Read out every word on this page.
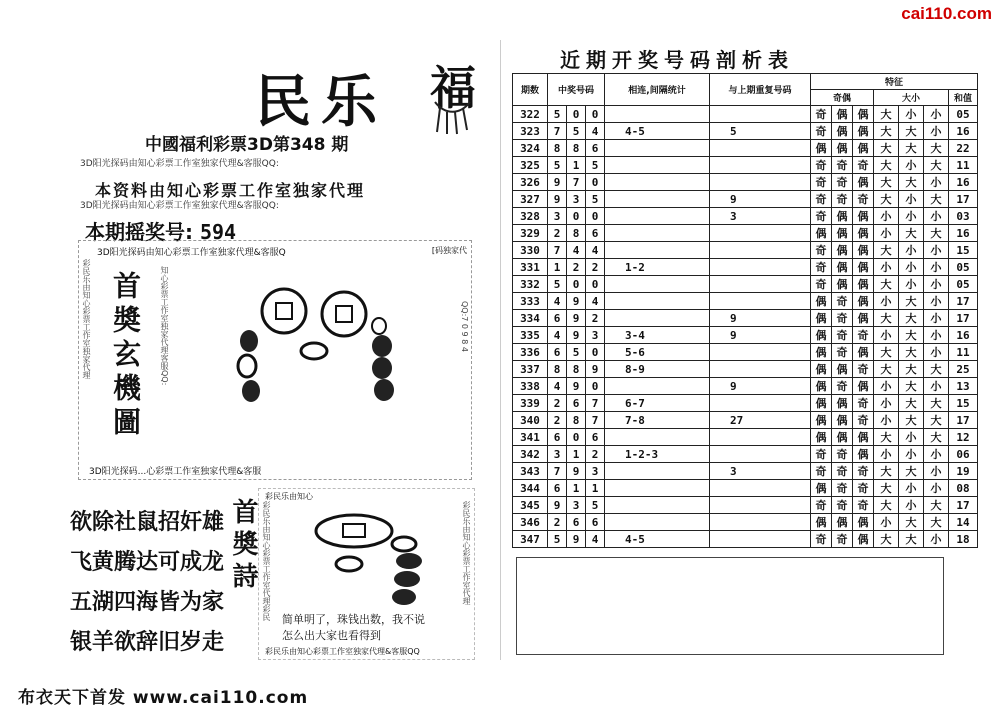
cai110.com
民乐 福
中國福利彩票3D第348 期
3D阳光探码由知心彩票工作室独家代理&客服QQ:
本资料由知心彩票工作室独家代理
3D阳光探码由知心彩票工作室独家代理&客服QQ:
本期摇奖号: 594
3D阳光探码由知心彩票工作室独家代理&客服Q	[码独家代
彩民乐由知心彩票工作室独家代理	知心彩票工作室独家代理客服QQ:	QQ:7 0 9 8 4
3D阳光探码...心彩票工作室独家代理&客服
首奬玄機圖
欲除社鼠招奸雄
飞黄腾达可成龙
五湖四海皆为家
银羊欲辞旧岁走
首奬詩
彩民乐由知心
彩民乐由知心彩票工作室代理彩民	彩民乐由知心彩票工作室代理
彩民乐由知心彩票工作室独家代理&客服QQ
简单明了，珠钱出数，我不说
怎么出大家也看得到
布衣天下首发 www.cai110.com
近期开奖号码剖析表
期数	中奖号码			相连,间隔统计	与上期重复号码	特征						
						奇偶			大小			和值
322	5	0	0			奇	偶	偶	大	小	小	05
323	7	5	4	4-5	5	奇	偶	偶	大	大	小	16
324	8	8	6			偶	偶	偶	大	大	大	22
325	5	1	5			奇	奇	奇	大	小	大	11
326	9	7	0			奇	奇	偶	大	大	小	16
327	9	3	5		9	奇	奇	奇	大	小	大	17
328	3	0	0		3	奇	偶	偶	小	小	小	03
329	2	8	6			偶	偶	偶	小	大	大	16
330	7	4	4			奇	偶	偶	大	小	小	15
331	1	2	2	1-2		奇	偶	偶	小	小	小	05
332	5	0	0			奇	偶	偶	大	小	小	05
333	4	9	4			偶	奇	偶	小	大	小	17
334	6	9	2		9	偶	奇	偶	大	大	小	17
335	4	9	3	3-4	9	偶	奇	奇	小	大	小	16
336	6	5	0	5-6		偶	奇	偶	大	大	小	11
337	8	8	9	8-9		偶	偶	奇	大	大	大	25
338	4	9	0		9	偶	奇	偶	小	大	小	13
339	2	6	7	6-7		偶	偶	奇	小	大	大	15
340	2	8	7	7-8	27	偶	偶	奇	小	大	大	17
341	6	0	6			偶	偶	偶	大	小	大	12
342	3	1	2	1-2-3		奇	奇	偶	小	小	小	06
343	7	9	3		3	奇	奇	奇	大	大	小	19
344	6	1	1			偶	奇	奇	大	小	小	08
345	9	3	5			奇	奇	奇	大	小	大	17
346	2	6	6			偶	偶	偶	小	大	大	14
347	5	9	4	4-5		奇	奇	偶	大	大	小	18
